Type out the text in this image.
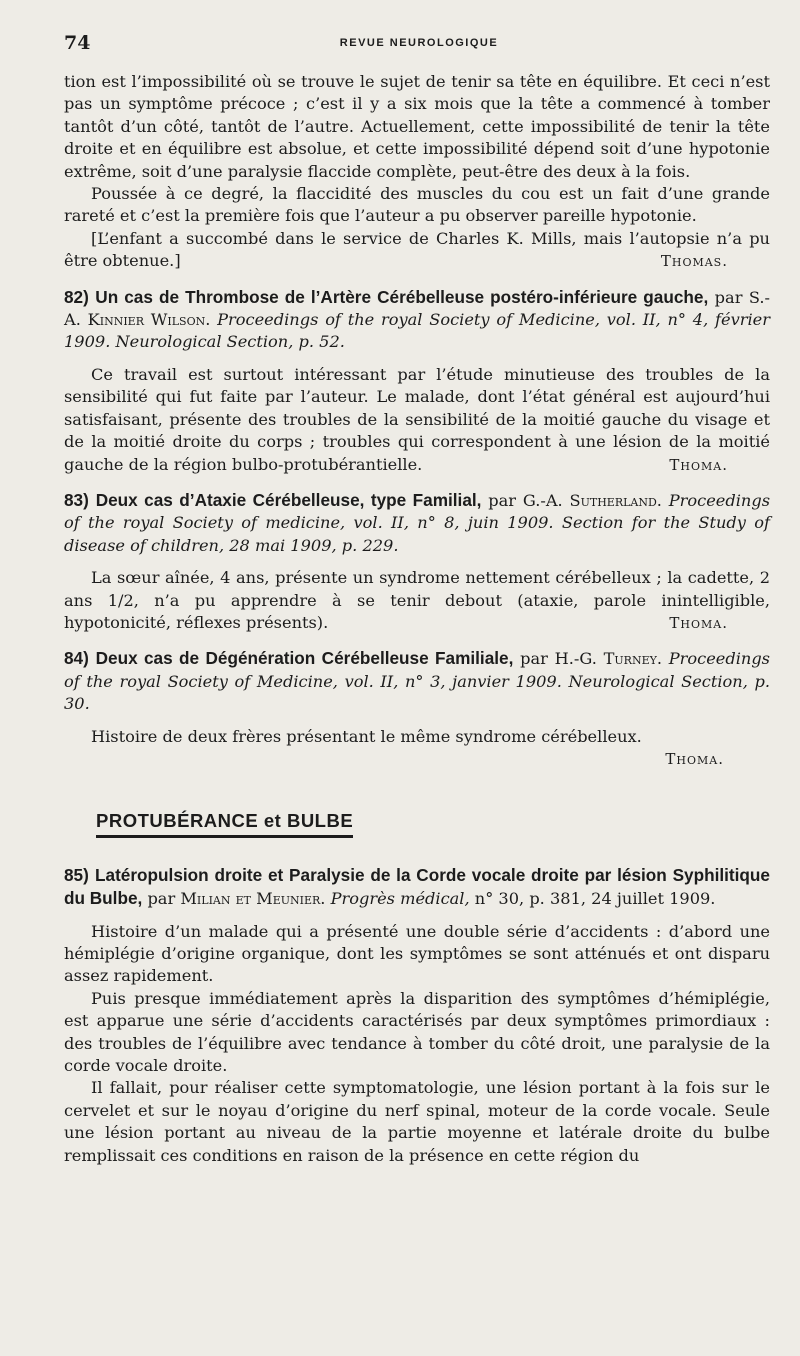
74	REVUE NEUROLOGIQUE

tion est l’impossibilité où se trouve le sujet de tenir sa tête en équilibre. Et ceci n’est pas un symptôme précoce ; c’est il y a six mois que la tête a commencé à tomber tantôt d’un côté, tantôt de l’autre. Actuellement, cette impossibilité de tenir la tête droite et en équilibre est absolue, et cette impossibilité dépend soit d’une hypotonie extrême, soit d’une paralysie flaccide complète, peut-être des deux à la fois.

Poussée à ce degré, la flaccidité des muscles du cou est un fait d’une grande rareté et c’est la première fois que l’auteur a pu observer pareille hypotonie.

[L’enfant a succombé dans le service de Charles K. Mills, mais l’autopsie n’a pu être obtenue.]	Thomas.

82) Un cas de Thrombose de l’Artère Cérébelleuse postéro-inférieure gauche, par S.-A. Kinnier Wilson. Proceedings of the royal Society of Medicine, vol. II, n° 4, février 1909. Neurological Section, p. 52.

Ce travail est surtout intéressant par l’étude minutieuse des troubles de la sensibilité qui fut faite par l’auteur. Le malade, dont l’état général est aujourd’hui satisfaisant, présente des troubles de la sensibilité de la moitié gauche du visage et de la moitié droite du corps ; troubles qui correspondent à une lésion de la moitié gauche de la région bulbo-protubérantielle.	Thoma.

83) Deux cas d’Ataxie Cérébelleuse, type Familial, par G.-A. Sutherland. Proceedings of the royal Society of medicine, vol. II, n° 8, juin 1909. Section for the Study of disease of children, 28 mai 1909, p. 229.

La sœur aînée, 4 ans, présente un syndrome nettement cérébelleux ; la cadette, 2 ans 1/2, n’a pu apprendre à se tenir debout (ataxie, parole inintelligible, hypotonicité, réflexes présents).	Thoma.

84) Deux cas de Dégénération Cérébelleuse Familiale, par H.-G. Turney. Proceedings of the royal Society of Medicine, vol. II, n° 3, janvier 1909. Neurological Section, p. 30.

Histoire de deux frères présentant le même syndrome cérébelleux.

Thoma.

PROTUBÉRANCE et BULBE

85) Latéropulsion droite et Paralysie de la Corde vocale droite par lésion Syphilitique du Bulbe, par Milian et Meunier. Progrès médical, n° 30, p. 381, 24 juillet 1909.

Histoire d’un malade qui a présenté une double série d’accidents : d’abord une hémiplégie d’origine organique, dont les symptômes se sont atténués et ont disparu assez rapidement.

Puis presque immédiatement après la disparition des symptômes d’hémiplégie, est apparue une série d’accidents caractérisés par deux symptômes primordiaux : des troubles de l’équilibre avec tendance à tomber du côté droit, une paralysie de la corde vocale droite.

Il fallait, pour réaliser cette symptomatologie, une lésion portant à la fois sur le cervelet et sur le noyau d’origine du nerf spinal, moteur de la corde vocale. Seule une lésion portant au niveau de la partie moyenne et latérale droite du bulbe remplissait ces conditions en raison de la présence en cette région du
